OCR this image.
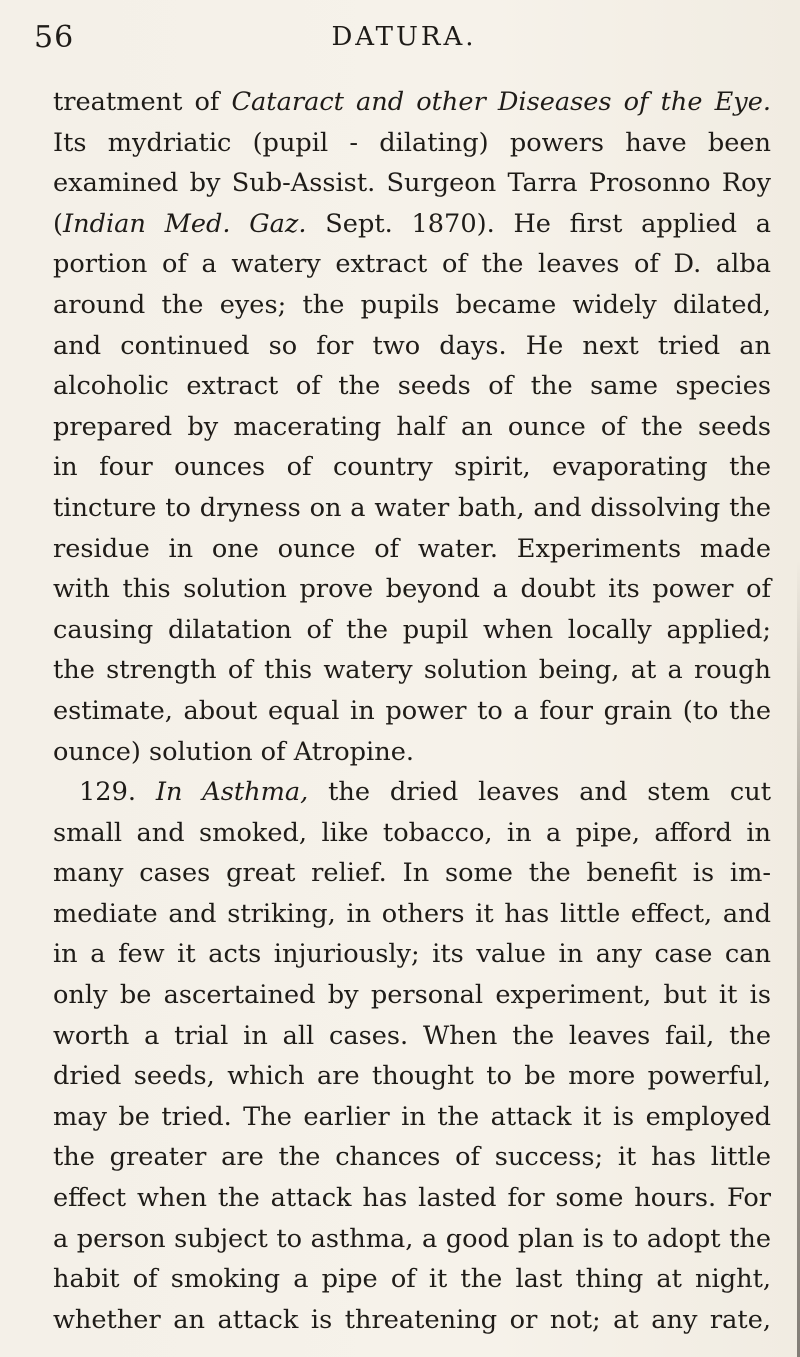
56	DATURA.
treatment of Cataract and other Diseases of the Eye.
Its mydriatic (pupil - dilating) powers have been
examined by Sub-Assist. Surgeon Tarra Prosonno Roy
(Indian Med. Gaz. Sept. 1870). He first applied a
portion of a watery extract of the leaves of D. alba
around the eyes; the pupils became widely dilated,
and continued so for two days. He next tried an
alcoholic extract of the seeds of the same species
prepared by macerating half an ounce of the seeds
in four ounces of country spirit, evaporating the
tincture to dryness on a water bath, and dissolving the
residue in one ounce of water. Experiments made
with this solution prove beyond a doubt its power of
causing dilatation of the pupil when locally applied;
the strength of this watery solution being, at a rough
estimate, about equal in power to a four grain (to the
ounce) solution of Atropine.
129. In Asthma, the dried leaves and stem cut
small and smoked, like tobacco, in a pipe, afford in
many cases great relief. In some the benefit is im-
mediate and striking, in others it has little effect, and
in a few it acts injuriously; its value in any case can
only be ascertained by personal experiment, but it is
worth a trial in all cases. When the leaves fail, the
dried seeds, which are thought to be more powerful,
may be tried. The earlier in the attack it is employed
the greater are the chances of success; it has little
effect when the attack has lasted for some hours. For
a person subject to asthma, a good plan is to adopt the
habit of smoking a pipe of it the last thing at night,
whether an attack is threatening or not; at any rate,
